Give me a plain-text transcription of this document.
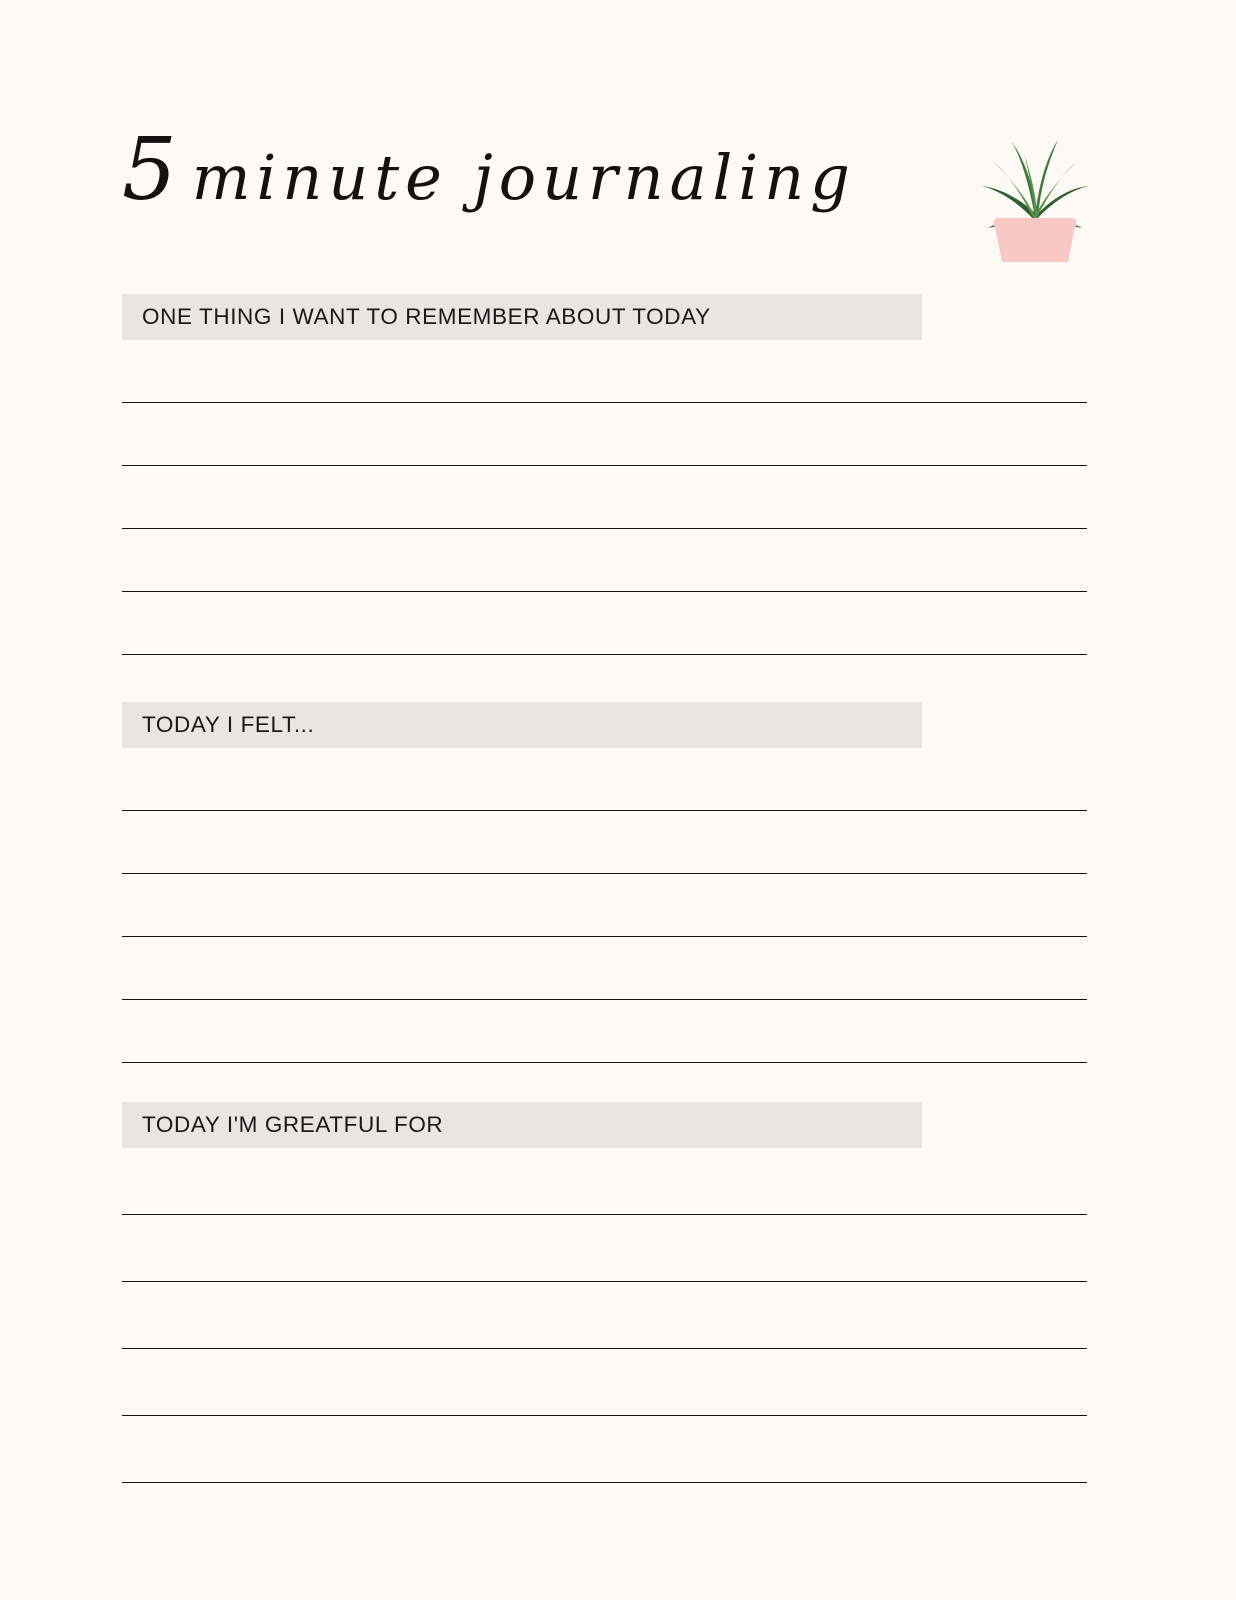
5 minute journaling
ONE THING I WANT TO REMEMBER ABOUT TODAY
TODAY I FELT...
TODAY I'M GREATFUL FOR
